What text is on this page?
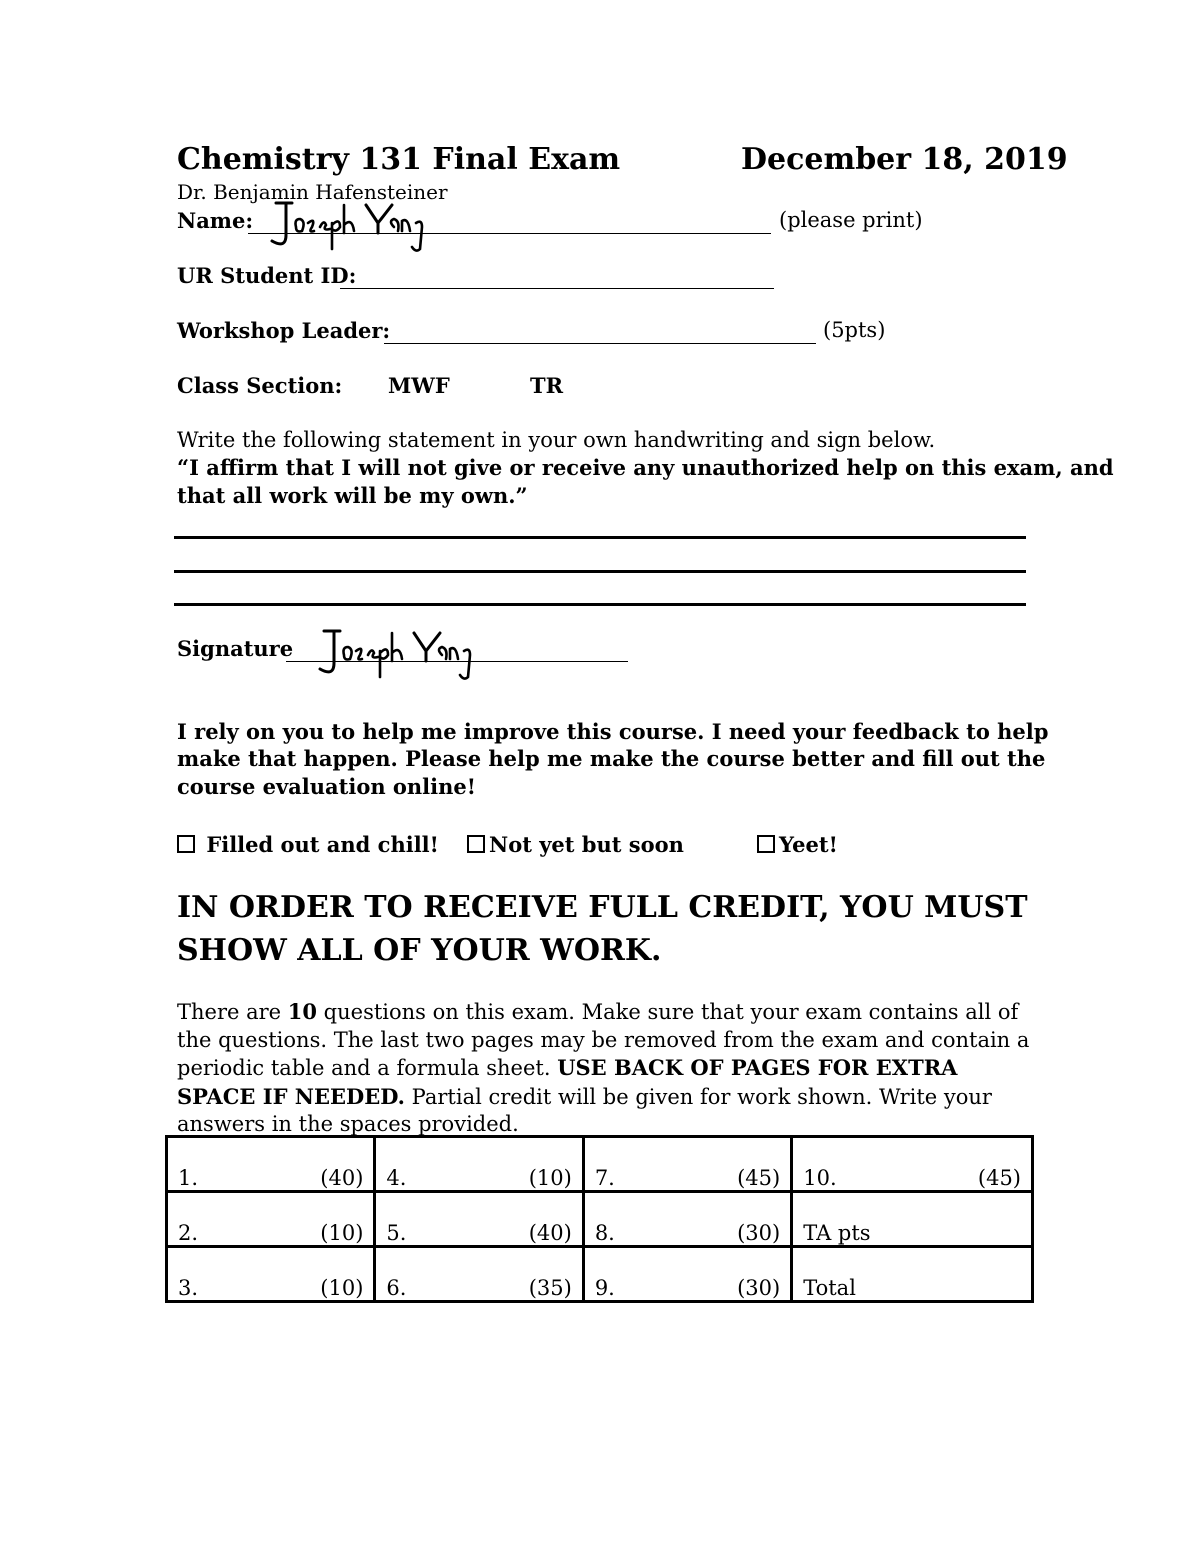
Chemistry 131 Final Exam	December 18, 2019
Dr. Benjamin Hafensteiner
Name:	(please print)
UR Student ID:
Workshop Leader:	(5pts)
Class Section: MWF	TR
Write the following statement in your own handwriting and sign below.
“I affirm that I will not give or receive any unauthorized help on this exam, and
that all work will be my own.”
Signature
I rely on you to help me improve this course. I need your feedback to help
make that happen. Please help me make the course better and fill out the
course evaluation online!
Filled out and chill!	Not yet but soon	Yeet!
IN ORDER TO RECEIVE FULL CREDIT, YOU MUST
SHOW ALL OF YOUR WORK.
There are 10 questions on this exam. Make sure that your exam contains all of the questions. The last two pages may be removed from the exam and contain a periodic table and a formula sheet. USE BACK OF PAGES FOR EXTRA SPACE IF NEEDED. Partial credit will be given for work shown. Write your answers in the spaces provided.
1. (40)	4. (10)	7. (45)	10. (45)

2. (10)	5. (40)	8. (30)	TA pts

3. (10)	6. (35)	9. (30)	Total
